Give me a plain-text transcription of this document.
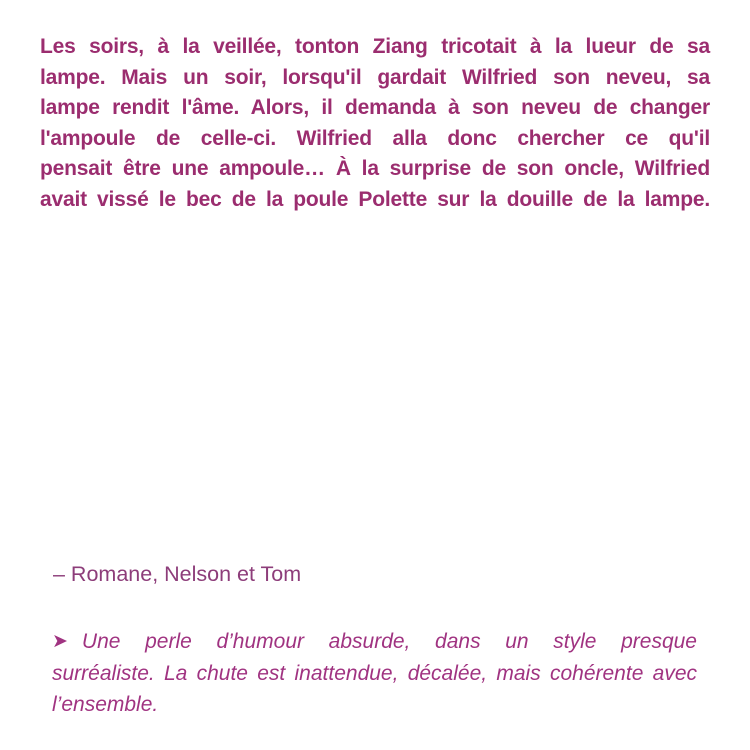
Les soirs, à la veillée, tonton Ziang tricotait à la lueur de sa
lampe. Mais un soir, lorsqu'il gardait Wilfried son neveu, sa
lampe rendit l'âme. Alors, il demanda à son neveu de changer
l'ampoule de celle-ci. Wilfried alla donc chercher ce qu'il
pensait être une ampoule… À la surprise de son oncle, Wilfried
avait vissé le bec de la poule Polette sur la douille de la lampe.
– Romane, Nelson et Tom
➤ Une perle d’humour absurde, dans un style presque
surréaliste. La chute est inattendue, décalée, mais cohérente avec
l’ensemble.
